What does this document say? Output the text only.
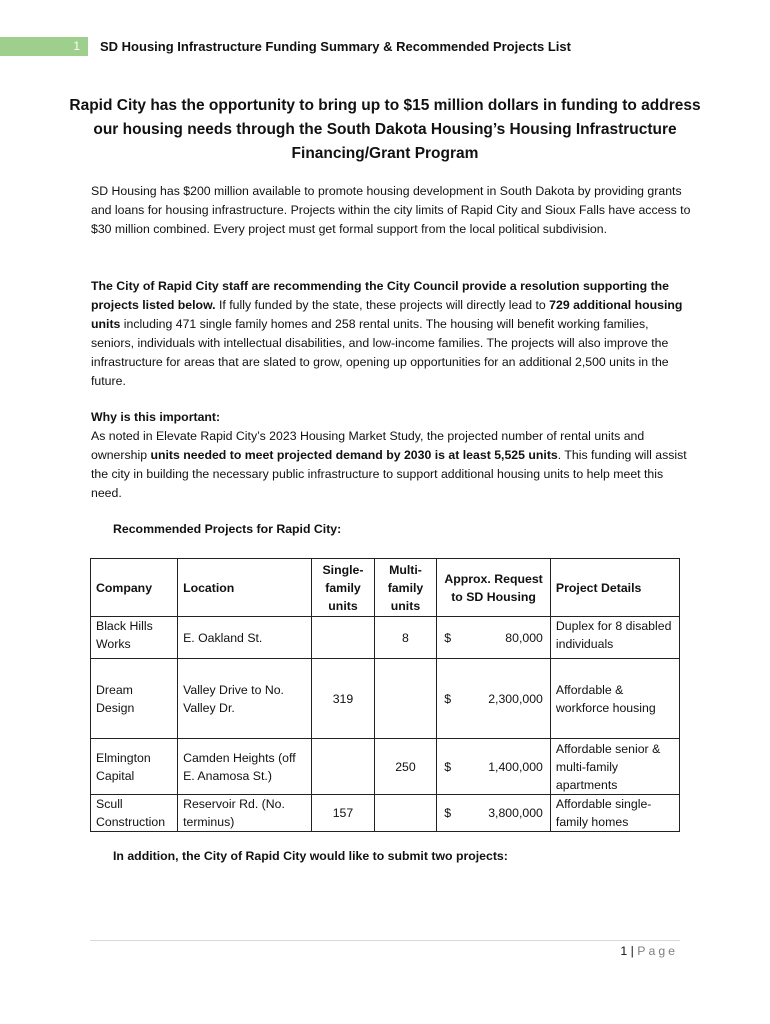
1	SD Housing Infrastructure Funding Summary & Recommended Projects List
Rapid City has the opportunity to bring up to $15 million dollars in funding to address our housing needs through the South Dakota Housing’s Housing Infrastructure Financing/Grant Program

SD Housing has $200 million available to promote housing development in South Dakota by providing grants and loans for housing infrastructure. Projects within the city limits of Rapid City and Sioux Falls have access to $30 million combined. Every project must get formal support from the local political subdivision.

The City of Rapid City staff are recommending the City Council provide a resolution supporting the projects listed below. If fully funded by the state, these projects will directly lead to 729 additional housing units including 471 single family homes and 258 rental units. The housing will benefit working families, seniors, individuals with intellectual disabilities, and low-income families. The projects will also improve the infrastructure for areas that are slated to grow, opening up opportunities for an additional 2,500 units in the future.

Why is this important:
As noted in Elevate Rapid City’s 2023 Housing Market Study, the projected number of rental units and ownership units needed to meet projected demand by 2030 is at least 5,525 units. This funding will assist the city in building the necessary public infrastructure to support additional housing units to help meet this need.

Recommended Projects for Rapid City:
Company	Location	Single-family units	Multi-family units	Approx. Request to SD Housing	Project Details
Black Hills Works	E. Oakland St.		8	$ 80,000	Duplex for 8 disabled individuals
Dream Design	Valley Drive to No. Valley Dr.	319		$ 2,300,000	Affordable & workforce housing
Elmington Capital	Camden Heights (off E. Anamosa St.)		250	$ 1,400,000	Affordable senior & multi-family apartments
Scull Construction	Reservoir Rd. (No. terminus)	157		$ 3,800,000	Affordable single-family homes
In addition, the City of Rapid City would like to submit two projects:
1 | Page
